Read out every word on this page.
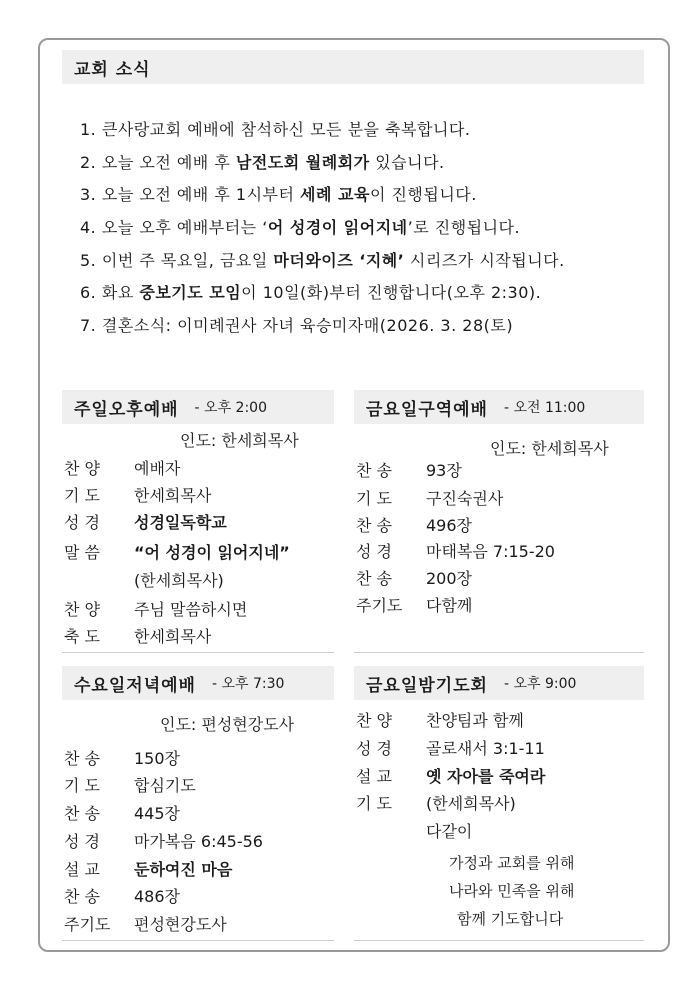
교회 소식
1. 큰사랑교회 예배에 참석하신 모든 분을 축복합니다.
2. 오늘 오전 예배 후 남전도회 월례회가 있습니다.
3. 오늘 오전 예배 후 1시부터 세례 교육이 진행됩니다.
4. 오늘 오후 예배부터는 ‘어 성경이 읽어지네’로 진행됩니다.
5. 이번 주 목요일, 금요일 마더와이즈 ‘지혜’ 시리즈가 시작됩니다.
6. 화요 중보기도 모임이 10일(화)부터 진행합니다(오후 2:30).
7. 결혼소식: 이미례권사 자녀 육승미자매(2026. 3. 28(토)
주일오후예배 - 오후 2:00
인도: 한세희목사
찬 양 예배자
기 도 한세희목사
성 경 성경일독학교
말 씀 “어 성경이 읽어지네”
(한세희목사)
찬 양 주님 말씀하시면
축 도 한세희목사
금요일구역예배 - 오전 11:00
인도: 한세희목사
찬 송 93장
기 도 구진숙권사
찬 송 496장
성 경 마태복음 7:15-20
찬 송 200장
주기도 다함께
수요일저녁예배 - 오후 7:30
인도: 편성현강도사
찬 송 150장
기 도 합심기도
찬 송 445장
성 경 마가복음 6:45-56
설 교 둔하여진 마음
찬 송 486장
주기도 편성현강도사
금요일밤기도회 - 오후 9:00
찬 양 찬양팀과 함께
성 경 골로새서 3:1-11
설 교 옛 자아를 죽여라
기 도 (한세희목사)
다같이
가정과 교회를 위해
나라와 민족을 위해
함께 기도합니다
